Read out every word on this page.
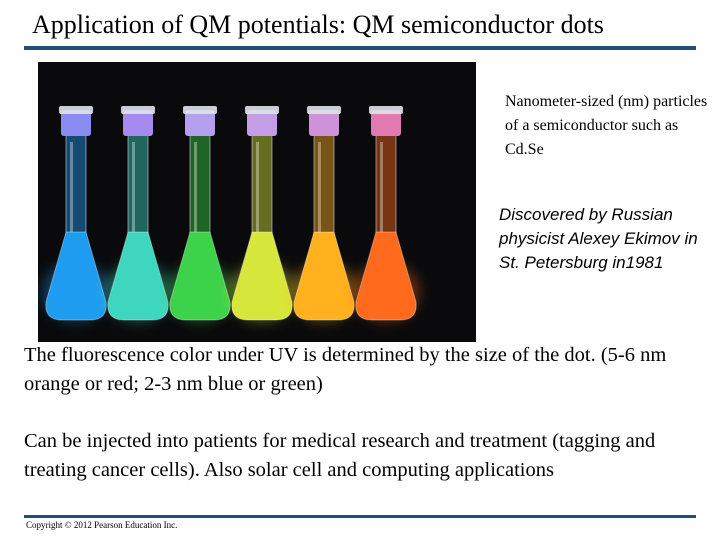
Application of QM potentials: QM semiconductor dots
Nanometer-sized (nm) particles of a semiconductor such as Cd.Se
Discovered by Russian physicist Alexey Ekimov in St. Petersburg in1981
The fluorescence color under UV is determined by the size of the dot. (5-6 nm orange or red; 2-3 nm blue or green)
Can be injected into patients for medical research and treatment (tagging and treating cancer cells). Also solar cell and computing applications
Copyright © 2012 Pearson Education Inc.
